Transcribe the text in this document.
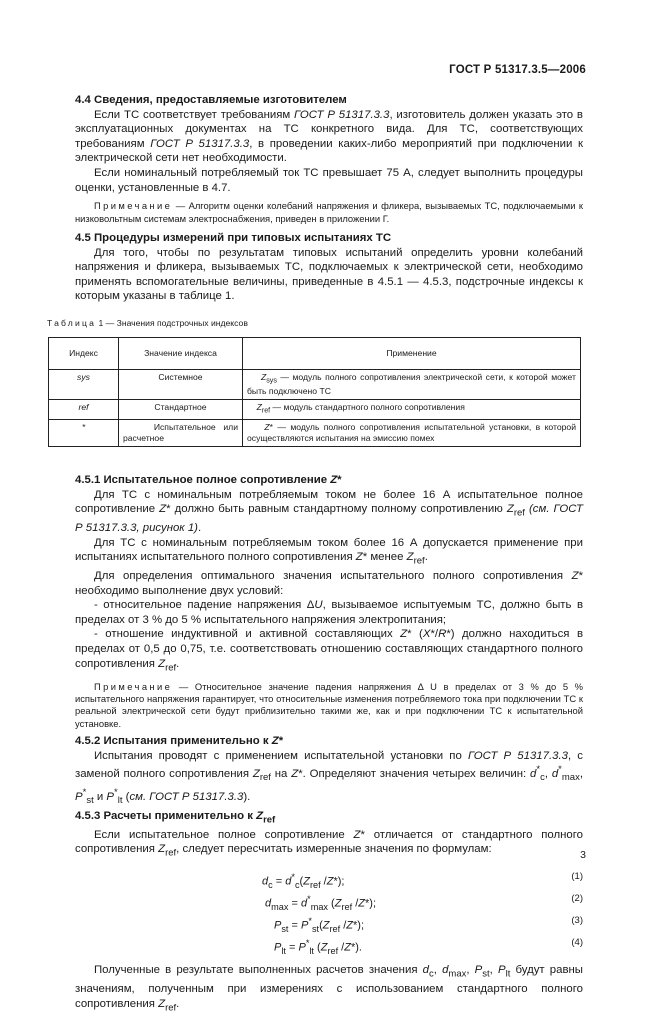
ГОСТ Р 51317.3.5—2006

4.4 Сведения, предоставляемые изготовителем

Если ТС соответствует требованиям ГОСТ Р 51317.3.3, изготовитель должен указать это в эксплуатационных документах на ТС конкретного вида. Для ТС, соответствующих требованиям ГОСТ Р 51317.3.3, в проведении каких-либо мероприятий при подключении к электрической сети нет необходимости.

Если номинальный потребляемый ток ТС превышает 75 А, следует выполнить процедуры оценки, установленные в 4.7.

Примечание — Алгоритм оценки колебаний напряжения и фликера, вызываемых ТС, подключаемыми к низковольтным системам электроснабжения, приведен в приложении Г.

4.5 Процедуры измерений при типовых испытаниях ТС

Для того, чтобы по результатам типовых испытаний определить уровни колебаний напряжения и фликера, вызываемых ТС, подключаемых к электрической сети, необходимо применять вспомогательные величины, приведенные в 4.5.1 — 4.5.3, подстрочные индексы к которым указаны в таблице 1.

Таблица 1 — Значения подстрочных индексов

Индекс	Значение индекса	Применение
sys	Системное	$Z_{sys}$ — модуль полного сопротивления электрической сети, к которой может быть подключено ТС
ref	Стандартное	$Z_{ref}$ — модуль стандартного полного сопротивления
*	Испытательное или расчетное	Z* — модуль полного сопротивления испытательной установки, в которой осуществляются испытания на эмиссию помех

4.5.1 Испытательное полное сопротивление Z*

Для ТС с номинальным потребляемым током не более 16 А испытательное полное сопротивление Z* должно быть равным стандартному полному сопротивлению $Z_{ref}$ (см. ГОСТ Р 51317.3.3, рисунок 1).

Для ТС с номинальным потребляемым током более 16 А допускается применение при испытаниях испытательного полного сопротивления Z* менее $Z_{ref}$.

Для определения оптимального значения испытательного полного сопротивления Z* необходимо выполнение двух условий:

- относительное падение напряжения ΔU, вызываемое испытуемым ТС, должно быть в пределах от 3 % до 5 % испытательного напряжения электропитания;

- отношение индуктивной и активной составляющих Z* (X*/R*) должно находиться в пределах от 0,5 до 0,75, т.е. соответствовать отношению составляющих стандартного полного сопротивления $Z_{ref}$.

Примечание — Относительное значение падения напряжения Δ U в пределах от 3 % до 5 % испытательного напряжения гарантирует, что относительные изменения потребляемого тока при подключении ТС к реальной электрической сети будут приблизительно такими же, как и при подключении ТС к испытательной установке.

4.5.2 Испытания применительно к Z*

Испытания проводят с применением испытательной установки по ГОСТ Р 51317.3.3, с заменой полного сопротивления $Z_{ref}$ на Z*. Определяют значения четырех величин: $d^*_c$, $d^*_{max}$, $P^*_{st}$ и $P^*_{lt}$ (см. ГОСТ Р 51317.3.3).

4.5.3 Расчеты применительно к $Z_{ref}$

Если испытательное полное сопротивление Z* отличается от стандартного полного сопротивления $Z_{ref}$, следует пересчитать измеренные значения по формулам:

$d_c = d^*_c(Z_{ref}$ /Z*);	(1)
$d_{max} = d^*_{max}$ ($Z_{ref}$ /Z*);	(2)
$P_{st} = P^*_{st}(Z_{ref}$ /Z*);	(3)
$P_{lt} = P^*_{lt}$ ($Z_{ref}$ /Z*).	(4)

Полученные в результате выполненных расчетов значения $d_c$, $d_{max}$, $P_{st}$, $P_{lt}$ будут равны значениям, полученным при измерениях с использованием стандартного полного сопротивления $Z_{ref}$.

3
